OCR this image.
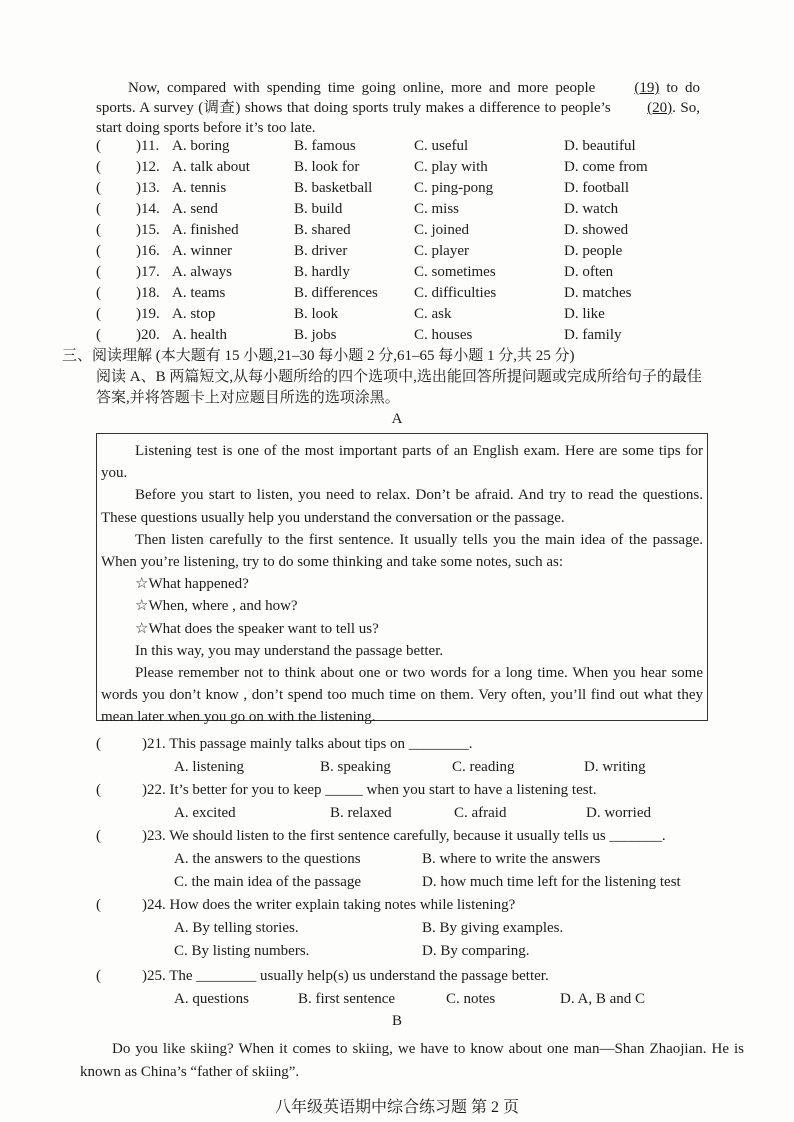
Now, compared with spending time going online, more and more people	(19) to do sports. A survey (调查) shows that doing sports truly makes a difference to people’s (20). So, start doing sports before it’s too late.
( )11. A. boring	B. famous	C. useful	D. beautiful
( )12. A. talk about	B. look for	C. play with	D. come from
( )13. A. tennis	B. basketball	C. ping-pong	D. football
( )14. A. send	B. build	C. miss	D. watch
( )15. A. finished	B. shared	C. joined	D. showed
( )16. A. winner	B. driver	C. player	D. people
( )17. A. always	B. hardly	C. sometimes	D. often
( )18. A. teams	B. differences C. difficulties	D. matches
( )19. A. stop	B. look	C. ask	D. like
( )20. A. health	B. jobs	C. houses	D. family
三、阅读理解 (本大题有 15 小题,21–30 每小题 2 分,61–65 每小题 1 分,共 25 分)
阅读 A、B 两篇短文,从每小题所给的四个选项中,选出能回答所提问题或完成所给句子的最佳答案,并将答题卡上对应题目所选的选项涂黑。
A

Listening test is one of the most important parts of an English exam. Here are some tips for you.

Before you start to listen, you need to relax. Don’t be afraid. And try to read the questions. These questions usually help you understand the conversation or the passage.

Then listen carefully to the first sentence. It usually tells you the main idea of the passage. When you’re listening, try to do some thinking and take some notes, such as:

☆What happened?

☆When, where , and how?

☆What does the speaker want to tell us?

In this way, you may understand the passage better.

Please remember not to think about one or two words for a long time. When you hear some words you don’t know , don’t spend too much time on them. Very often, you’ll find out what they mean later when you go on with the listening.

(	)21. This passage mainly talks about tips on ________.
A. listening	B. speaking	C. reading	D. writing
(	)22. It’s better for you to keep _____ when you start to have a listening test.
A. excited	B. relaxed	C. afraid	D. worried
(	)23. We should listen to the first sentence carefully, because it usually tells us _______.
A. the answers to the questions	B. where to write the answers
C. the main idea of the passage	D. how much time left for the listening test
(	)24. How does the writer explain taking notes while listening?
A. By telling stories.	B. By giving examples.
C. By listing numbers.	D. By comparing.
(	)25. The ________ usually help(s) us understand the passage better.
A. questions	B. first sentence	C. notes	D. A, B and C
B
Do you like skiing? When it comes to skiing, we have to know about one man—Shan Zhaojian. He is known as China’s “father of skiing”.
八年级英语期中综合练习题 第 2 页
